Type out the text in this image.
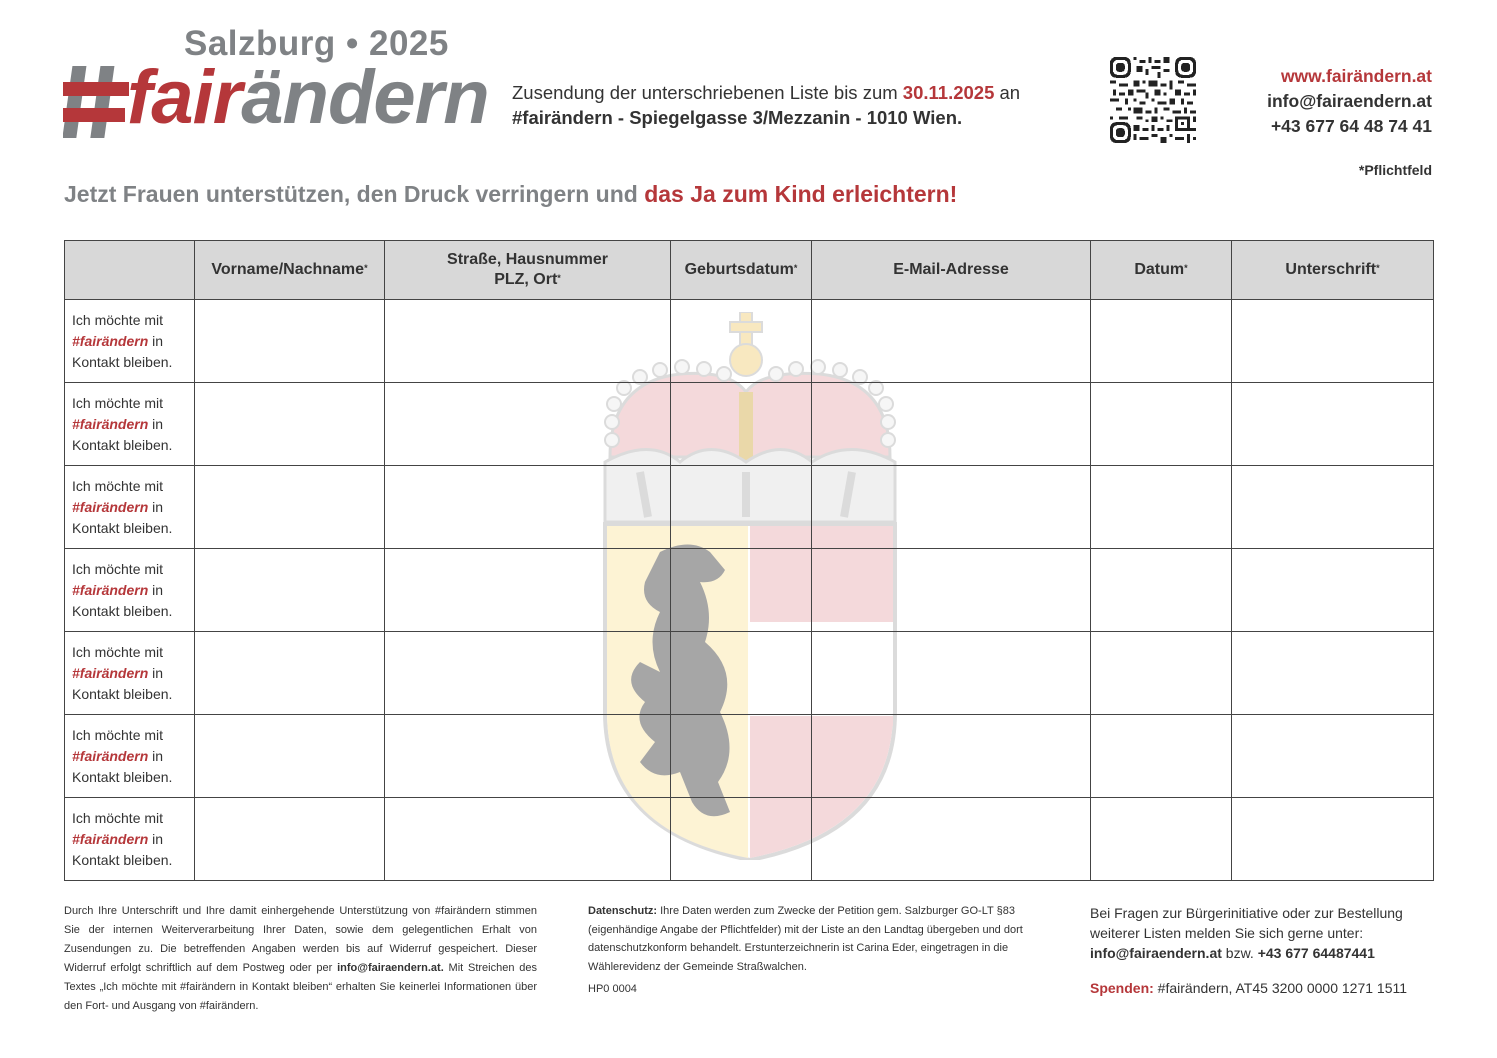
Salzburg • 2025
fairändern Zusendung der unterschriebenen Liste bis zum 30.11.2025 an
#fairändern - Spiegelgasse 3/Mezzanin - 1010 Wien.
www.fairändern.at
info@fairaendern.at
+43 677 64 48 74 41
*Pflichtfeld
Jetzt Frauen unterstützen, den Druck verringern und das Ja zum Kind erleichtern!
	Vorname/Nachname*	Straße, Hausnummer
PLZ, Ort*	Geburtsdatum*	E-Mail-Adresse	Datum*	Unterschrift*
Ich möchte mit
#fairändern in
Kontakt bleiben.						
Ich möchte mit
#fairändern in
Kontakt bleiben.						
Ich möchte mit
#fairändern in
Kontakt bleiben.						
Ich möchte mit
#fairändern in
Kontakt bleiben.						
Ich möchte mit
#fairändern in
Kontakt bleiben.						
Ich möchte mit
#fairändern in
Kontakt bleiben.						
Ich möchte mit
#fairändern in
Kontakt bleiben.						
Durch Ihre Unterschrift und Ihre damit einhergehende Unterstützung von #fairändern stimmen Sie der internen Weiterverarbeitung Ihrer Daten, sowie dem gelegentlichen Erhalt von Zusendungen zu. Die betreffenden Angaben werden bis auf Widerruf gespeichert. Dieser Widerruf erfolgt schriftlich auf dem Postweg oder per info@fairaendern.at. Mit Streichen des Textes „Ich möchte mit #fairändern in Kontakt bleiben“ erhalten Sie keinerlei Informationen über den Fort- und Ausgang von #fairändern.
Datenschutz: Ihre Daten werden zum Zwecke der Petition gem. Salzburger GO-LT §83 (eigenhändige Angabe der Pflichtfelder) mit der Liste an den Landtag übergeben und dort datenschutzkonform behandelt. Erstunterzeichnerin ist Carina Eder, eingetragen in die Wählerevidenz der Gemeinde Straßwalchen.
HP0 0004
Bei Fragen zur Bürgerinitiative oder zur Bestellung weiterer Listen melden Sie sich gerne unter:
info@fairaendern.at bzw. +43 677 64487441
Spenden: #fairändern, AT45 3200 0000 1271 1511
